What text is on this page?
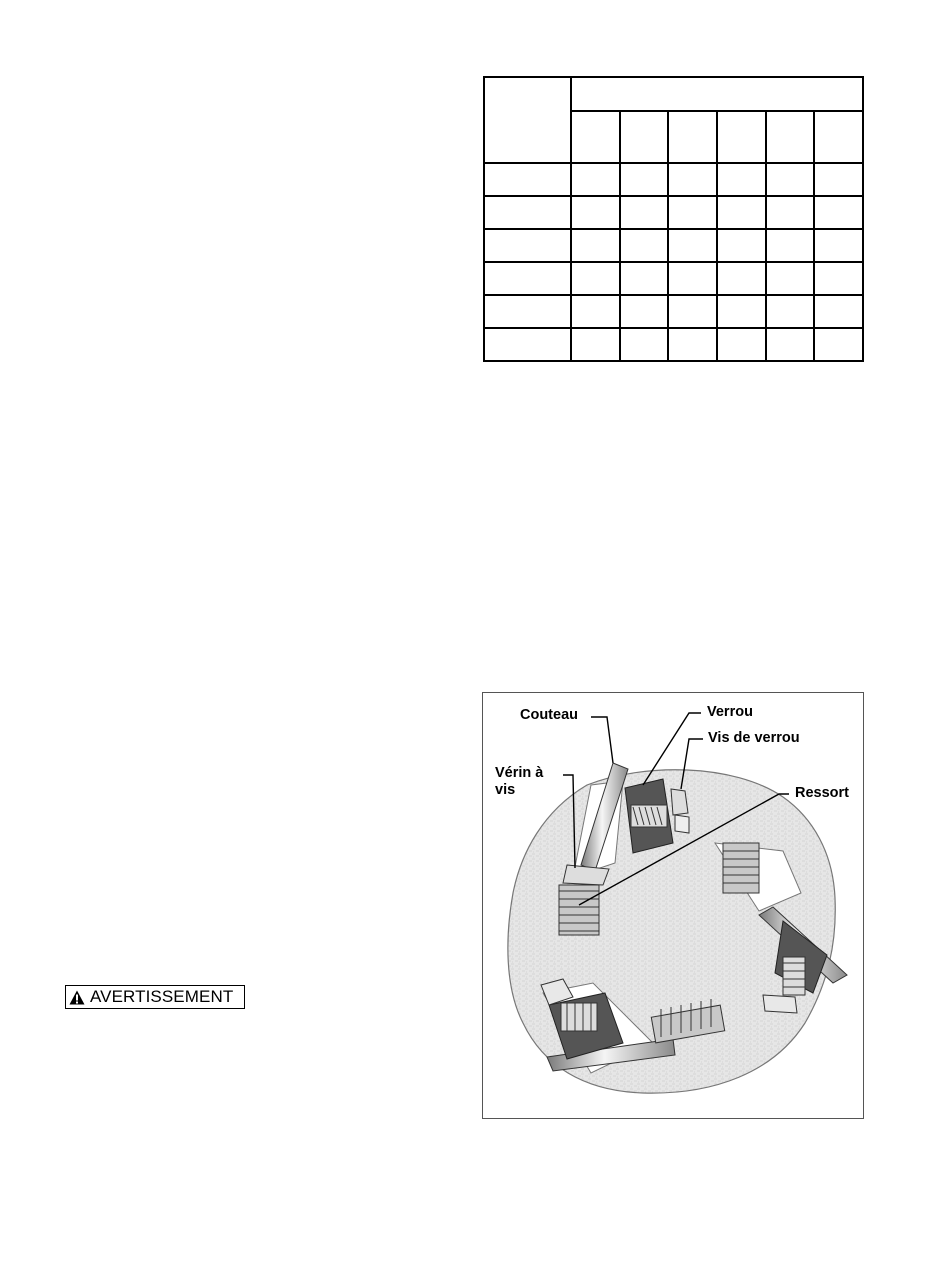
AVERTISSEMENT
Couteau	Verrou
Vis de verrou
Vérin à
vis	Ressort
